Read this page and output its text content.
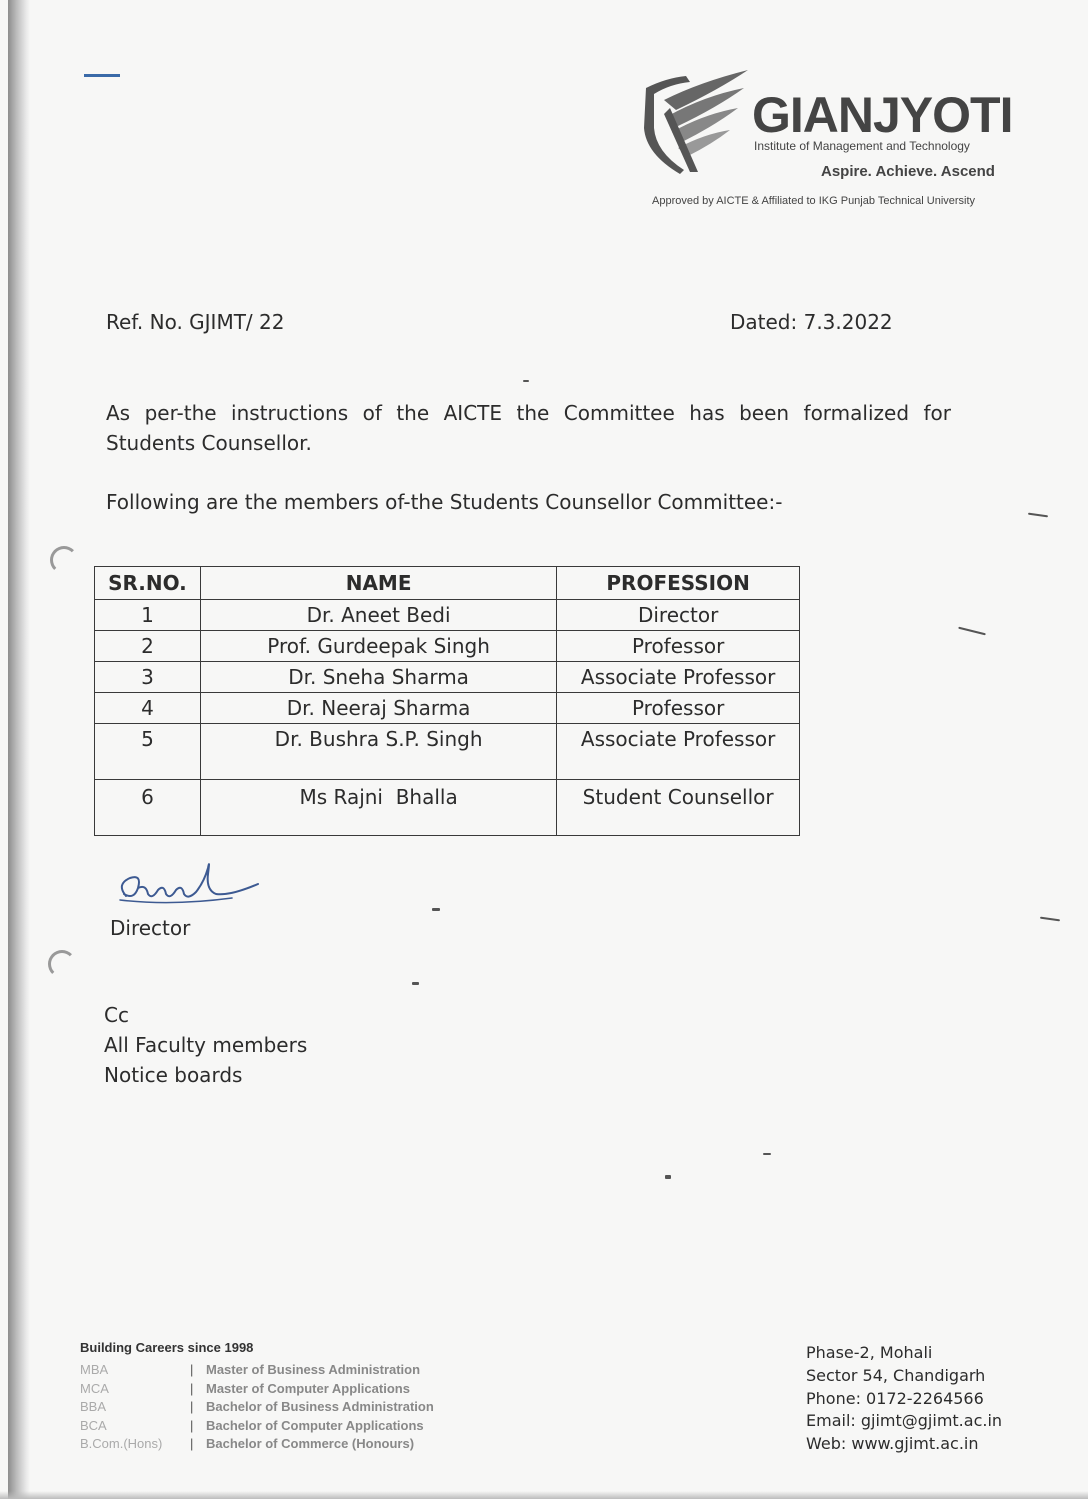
GIANJYOTI
Institute of Management and Technology
Aspire. Achieve. Ascend
Approved by AICTE & Affiliated to IKG Punjab Technical University
Ref. No. GJIMT/ 22	Dated: 7.3.2022

As per-the instructions of the AICTE the Committee has been formalized for Students Counsellor.

Following are the members of-the Students Counsellor Committee:-
SR.NO.	NAME	PROFESSION
1	Dr. Aneet Bedi	Director
2	Prof. Gurdeepak Singh	Professor
3	Dr. Sneha Sharma	Associate Professor
4	Dr. Neeraj Sharma	Professor
5	Dr. Bushra S.P. Singh	Associate Professor
6	Ms Rajni  Bhalla	Student Counsellor
Director
Cc
All Faculty members
Notice boards
Building Careers since 1998
MBA	| Master of Business Administration
MCA	| Master of Computer Applications
BBA	| Bachelor of Business Administration
BCA	| Bachelor of Computer Applications
B.Com.(Hons) | Bachelor of Commerce (Honours)
Phase-2, Mohali
Sector 54, Chandigarh
Phone: 0172-2264566
Email: gjimt@gjimt.ac.in
Web: www.gjimt.ac.in
